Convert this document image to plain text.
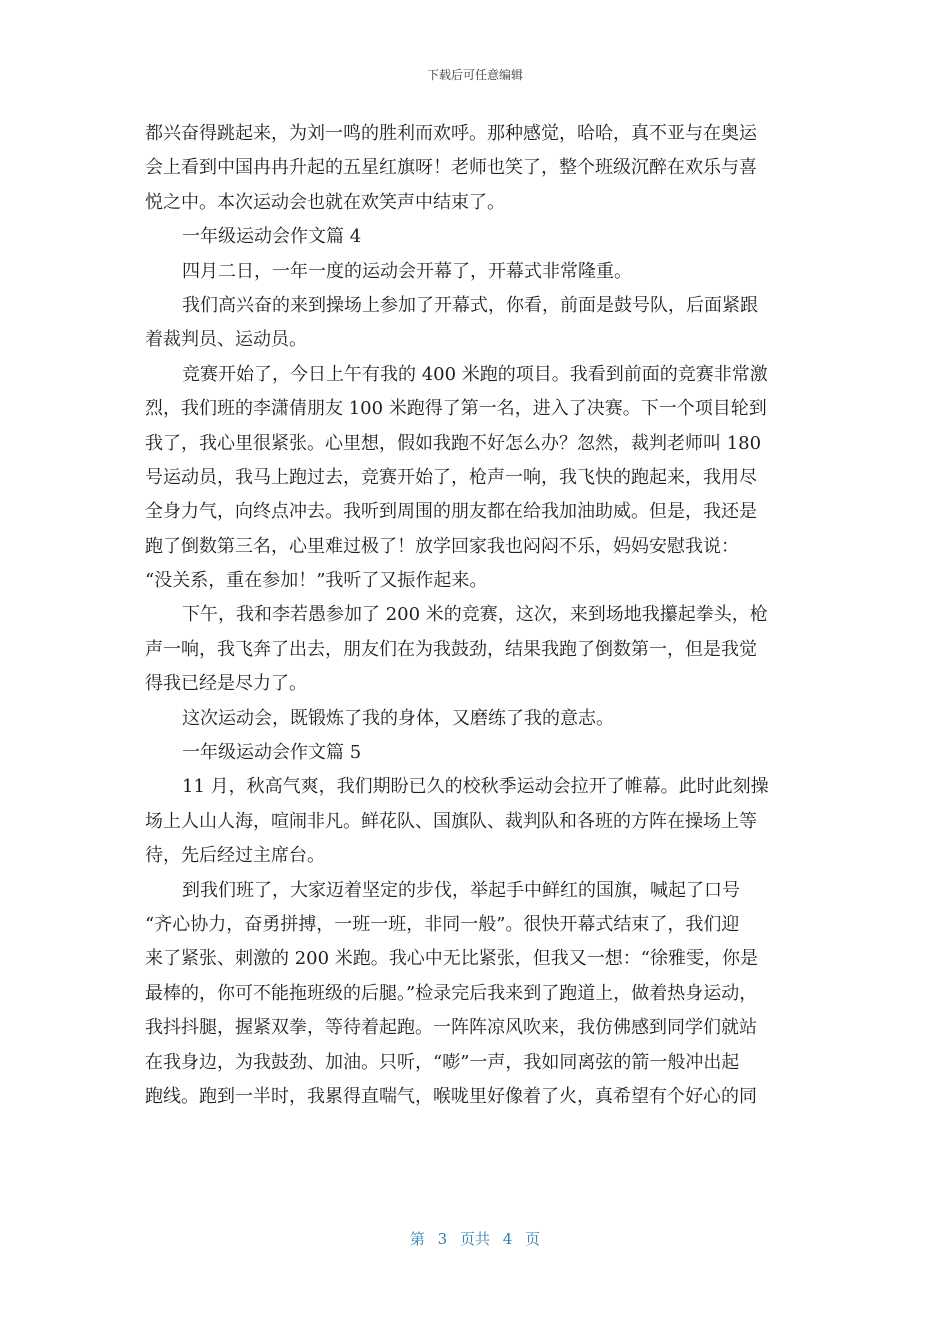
下载后可任意编辑
都兴奋得跳起来，为刘一鸣的胜利而欢呼。那种感觉，哈哈，真不亚与在奥运
会上看到中国冉冉升起的五星红旗呀！老师也笑了，整个班级沉醉在欢乐与喜
悦之中。本次运动会也就在欢笑声中结束了。
一年级运动会作文篇 4
四月二日，一年一度的运动会开幕了，开幕式非常隆重。
我们高兴奋的来到操场上参加了开幕式，你看，前面是鼓号队，后面紧跟
着裁判员、运动员。
竞赛开始了，今日上午有我的 400 米跑的项目。我看到前面的竞赛非常激
烈，我们班的李潇倩朋友 100 米跑得了第一名，进入了决赛。下一个项目轮到
我了，我心里很紧张。心里想，假如我跑不好怎么办？忽然，裁判老师叫 180
号运动员，我马上跑过去，竞赛开始了，枪声一响，我飞快的跑起来，我用尽
全身力气，向终点冲去。我听到周围的朋友都在给我加油助威。但是，我还是
跑了倒数第三名，心里难过极了！放学回家我也闷闷不乐，妈妈安慰我说：
“没关系，重在参加！”我听了又振作起来。
下午，我和李若愚参加了 200 米的竞赛，这次，来到场地我攥起拳头，枪
声一响，我飞奔了出去，朋友们在为我鼓劲，结果我跑了倒数第一，但是我觉
得我已经是尽力了。
这次运动会，既锻炼了我的身体，又磨练了我的意志。
一年级运动会作文篇 5
11 月，秋高气爽，我们期盼已久的校秋季运动会拉开了帷幕。此时此刻操
场上人山人海，喧闹非凡。鲜花队、国旗队、裁判队和各班的方阵在操场上等
待，先后经过主席台。
到我们班了，大家迈着坚定的步伐，举起手中鲜红的国旗，喊起了口号
“齐心协力，奋勇拼搏，一班一班，非同一般”。很快开幕式结束了，我们迎
来了紧张、刺激的 200 米跑。我心中无比紧张，但我又一想：“徐雅雯，你是
最棒的，你可不能拖班级的后腿。”检录完后我来到了跑道上，做着热身运动，
我抖抖腿，握紧双拳，等待着起跑。一阵阵凉风吹来，我仿佛感到同学们就站
在我身边，为我鼓劲、加油。只听，“嘭”一声，我如同离弦的箭一般冲出起
跑线。跑到一半时，我累得直喘气，喉咙里好像着了火，真希望有个好心的同
第 3 页共 4 页
